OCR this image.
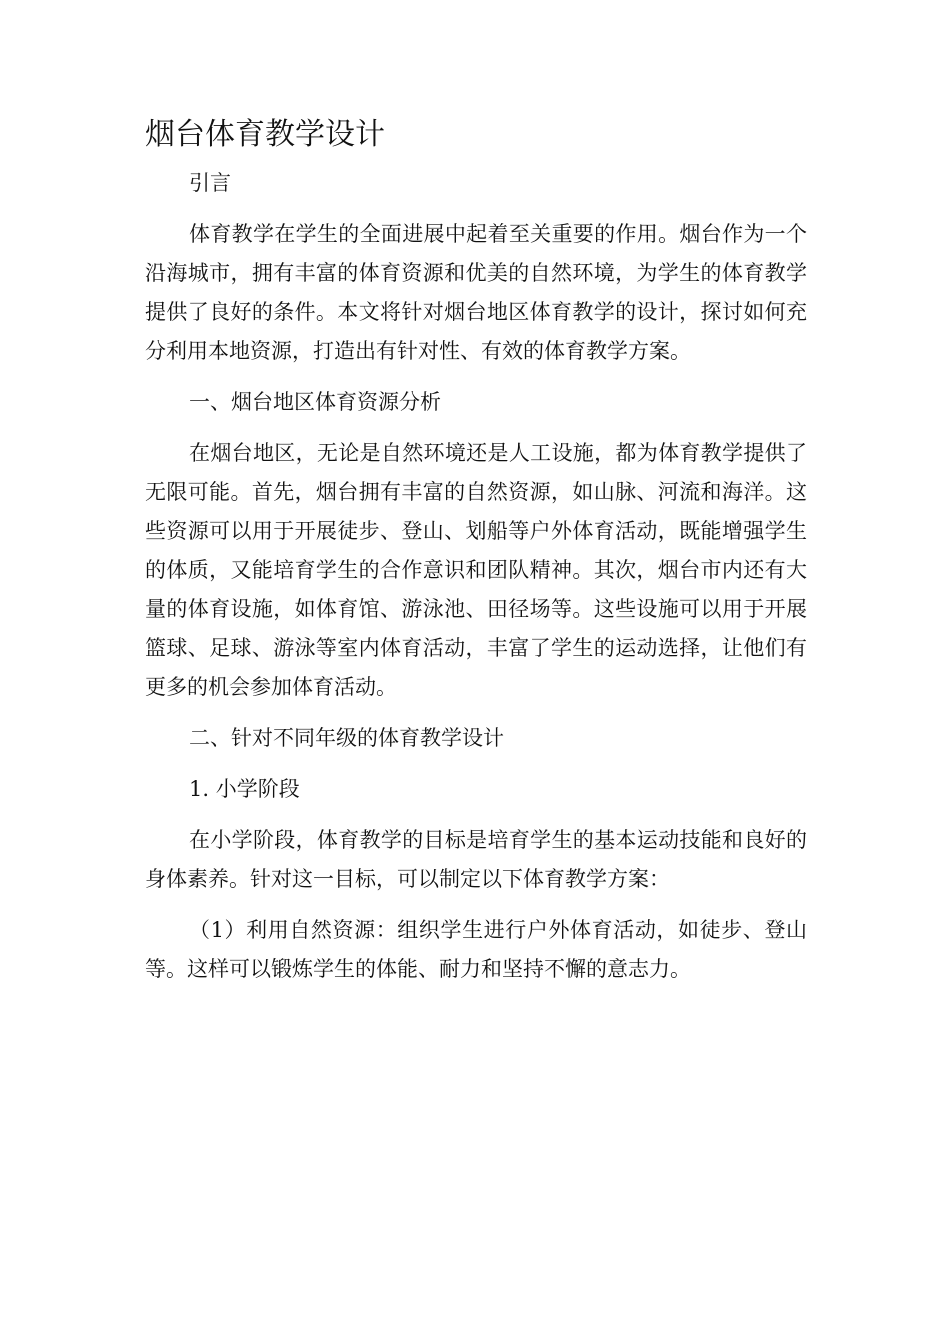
烟台体育教学设计

引言

体育教学在学生的全面进展中起着至关重要的作用。烟台作为一个沿海城市，拥有丰富的体育资源和优美的自然环境，为学生的体育教学提供了良好的条件。本文将针对烟台地区体育教学的设计，探讨如何充分利用本地资源，打造出有针对性、有效的体育教学方案。

一、烟台地区体育资源分析

在烟台地区，无论是自然环境还是人工设施，都为体育教学提供了无限可能。首先，烟台拥有丰富的自然资源，如山脉、河流和海洋。这些资源可以用于开展徒步、登山、划船等户外体育活动，既能增强学生的体质，又能培育学生的合作意识和团队精神。其次，烟台市内还有大量的体育设施，如体育馆、游泳池、田径场等。这些设施可以用于开展篮球、足球、游泳等室内体育活动，丰富了学生的运动选择，让他们有更多的机会参加体育活动。

二、针对不同年级的体育教学设计

1. 小学阶段

在小学阶段，体育教学的目标是培育学生的基本运动技能和良好的身体素养。针对这一目标，可以制定以下体育教学方案：

（1）利用自然资源：组织学生进行户外体育活动，如徒步、登山等。这样可以锻炼学生的体能、耐力和坚持不懈的意志力。
